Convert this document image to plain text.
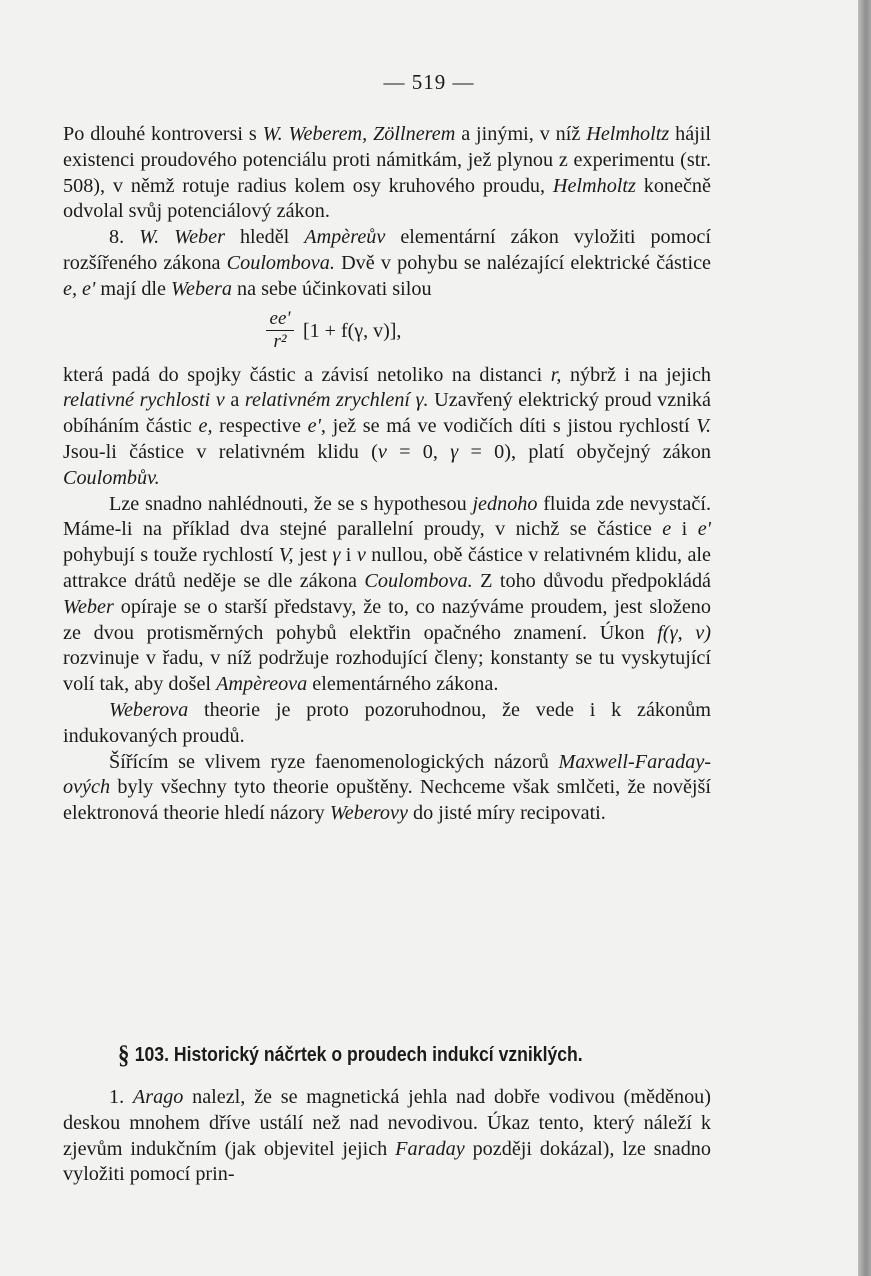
— 519 —

Po dlouhé kontroversi s W. Weberem, Zöllnerem a jinými, v níž Helmholtz hájil existenci proudového potenciálu proti námitkám, jež plynou z experimentu (str. 508), v němž rotuje radius kolem osy kruhového proudu, Helmholtz konečně odvolal svůj potenciálový zákon.

8. W. Weber hleděl Ampèreův elementární zákon vyložiti pomocí rozšířeného zákona Coulombova. Dvě v pohybu se nalézající elektrické částice e, e' mají dle Webera na sebe účinkovati silou

ee'
r² [1 + f(γ, v)],

která padá do spojky částic a závisí netoliko na distanci r, nýbrž i na jejich relativné rychlosti v a relativném zrychlení γ. Uzavřený elektrický proud vzniká obíháním částic e, respective e', jež se má ve vodičích díti s jistou rychlostí V. Jsou-li částice v relativném klidu (v = 0, γ = 0), platí obyčejný zákon Coulombův.

Lze snadno nahlédnouti, že se s hypothesou jednoho fluida zde nevystačí. Máme-li na příklad dva stejné parallelní proudy, v nichž se částice e i e' pohybují s touže rychlostí V, jest γ i v nullou, obě částice v relativném klidu, ale attrakce drátů neděje se dle zákona Coulombova. Z toho důvodu předpokládá Weber opíraje se o starší představy, že to, co nazýváme proudem, jest složeno ze dvou protisměrných pohybů elektřin opačného znamení. Úkon f(γ, v) rozvinuje v řadu, v níž podržuje rozhodující členy; konstanty se tu vyskytující volí tak, aby došel Ampèreova elementárného zákona.

Weberova theorie je proto pozoruhodnou, že vede i k zákonům indukovaných proudů.

Šířícím se vlivem ryze faenomenologických názorů Maxwell-Faraday-ových byly všechny tyto theorie opuštěny. Nechceme však smlčeti, že novější elektronová theorie hledí názory Weberovy do jisté míry recipovati.

§ 103. Historický náčrtek o proudech indukcí vzniklých.

1. Arago nalezl, že se magnetická jehla nad dobře vodivou (měděnou) deskou mnohem dříve ustálí než nad nevodivou. Úkaz tento, který náleží k zjevům indukčním (jak objevitel jejich Faraday později dokázal), lze snadno vyložiti pomocí prin-
